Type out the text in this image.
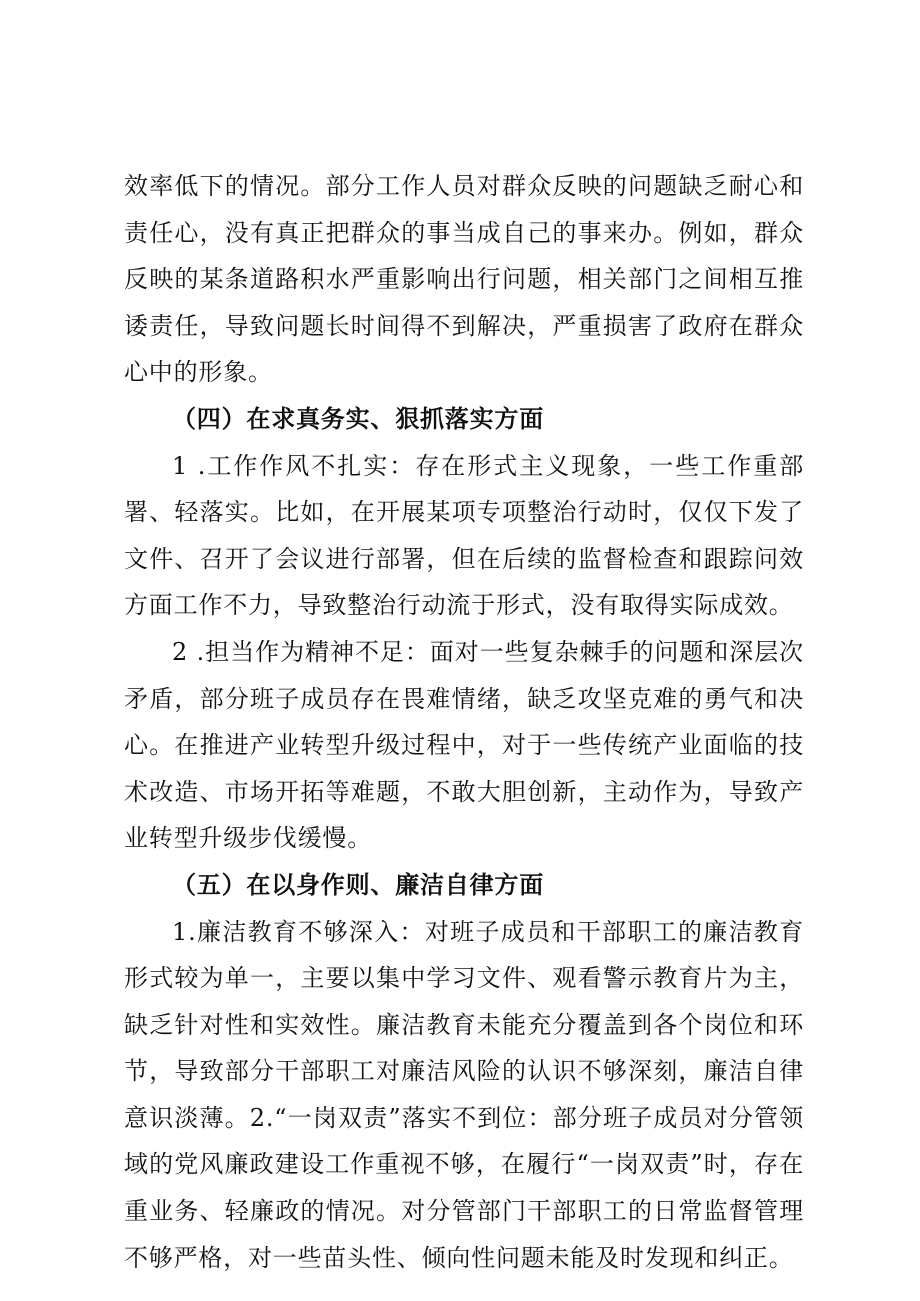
效率低下的情况。部分工作人员对群众反映的问题缺乏耐心和责任心，没有真正把群众的事当成自己的事来办。例如，群众反映的某条道路积水严重影响出行问题，相关部门之间相互推诿责任，导致问题长时间得不到解决，严重损害了政府在群众心中的形象。

（四）在求真务实、狠抓落实方面

1 .工作作风不扎实：存在形式主义现象，一些工作重部署、轻落实。比如，在开展某项专项整治行动时，仅仅下发了文件、召开了会议进行部署，但在后续的监督检查和跟踪问效方面工作不力，导致整治行动流于形式，没有取得实际成效。

2 .担当作为精神不足：面对一些复杂棘手的问题和深层次矛盾，部分班子成员存在畏难情绪，缺乏攻坚克难的勇气和决心。在推进产业转型升级过程中，对于一些传统产业面临的技术改造、市场开拓等难题，不敢大胆创新，主动作为，导致产业转型升级步伐缓慢。

（五）在以身作则、廉洁自律方面

1.廉洁教育不够深入：对班子成员和干部职工的廉洁教育形式较为单一，主要以集中学习文件、观看警示教育片为主，缺乏针对性和实效性。廉洁教育未能充分覆盖到各个岗位和环节，导致部分干部职工对廉洁风险的认识不够深刻，廉洁自律意识淡薄。2.“一岗双责”落实不到位：部分班子成员对分管领域的党风廉政建设工作重视不够，在履行“一岗双责”时，存在重业务、轻廉政的情况。对分管部门干部职工的日常监督管理不够严格，对一些苗头性、倾向性问题未能及时发现和纠正。
